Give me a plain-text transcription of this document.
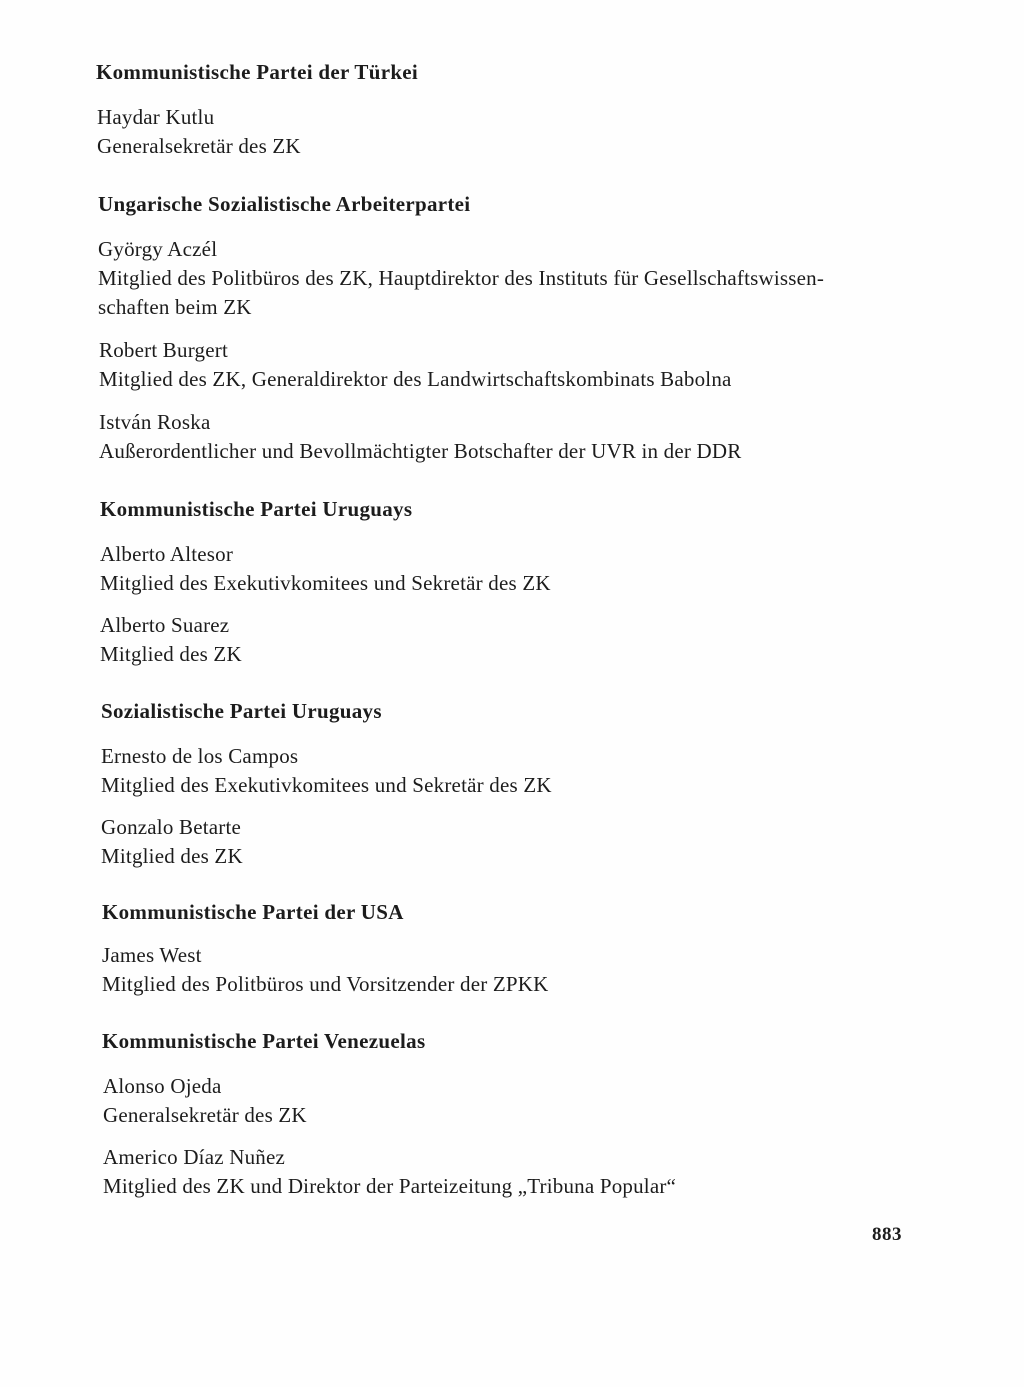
Kommunistische Partei der Türkei
Haydar Kutlu
Generalsekretär des ZK
Ungarische Sozialistische Arbeiterpartei
György Aczél
Mitglied des Politbüros des ZK, Hauptdirektor des Instituts für Gesellschaftswissen-
schaften beim ZK
Robert Burgert
Mitglied des ZK, Generaldirektor des Landwirtschaftskombinats Babolna
István Roska
Außerordentlicher und Bevollmächtigter Botschafter der UVR in der DDR
Kommunistische Partei Uruguays
Alberto Altesor
Mitglied des Exekutivkomitees und Sekretär des ZK
Alberto Suarez
Mitglied des ZK
Sozialistische Partei Uruguays
Ernesto de los Campos
Mitglied des Exekutivkomitees und Sekretär des ZK
Gonzalo Betarte
Mitglied des ZK
Kommunistische Partei der USA
James West
Mitglied des Politbüros und Vorsitzender der ZPKK
Kommunistische Partei Venezuelas
Alonso Ojeda
Generalsekretär des ZK
Americo Díaz Nuñez
Mitglied des ZK und Direktor der Parteizeitung „Tribuna Popular“
883
